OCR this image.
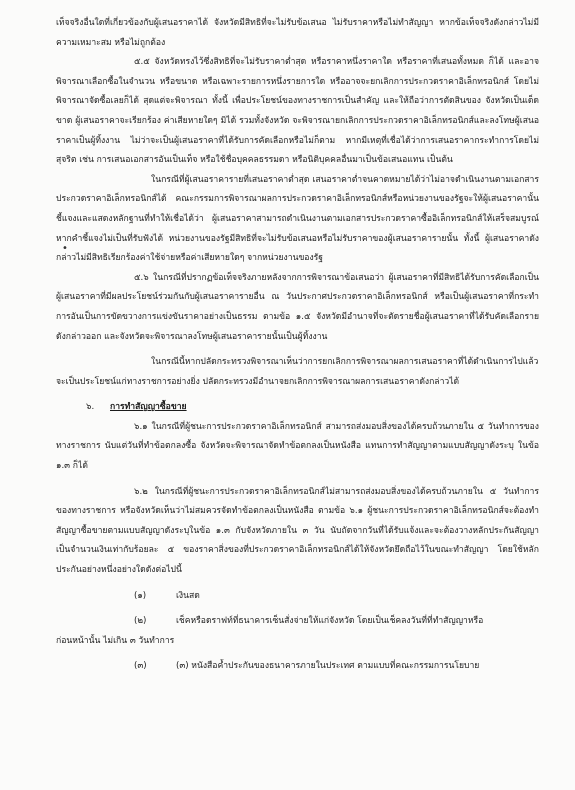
เท็จจริงอื่นใดที่เกี่ยวข้องกับผู้เสนอราคาได้ จังหวัดมีสิทธิที่จะไม่รับข้อเสนอ ไม่รับราคาหรือไม่ทำสัญญา หากข้อเท็จจริงดังกล่าวไม่มีความเหมาะสม หรือไม่ถูกต้อง

๕.๕ จังหวัดทรงไว้ซึ่งสิทธิที่จะไม่รับราคาต่ำสุด หรือราคาหนึ่งราคาใด หรือราคาที่เสนอทั้งหมด ก็ได้ และอาจพิจารณาเลือกซื้อในจำนวน หรือขนาด หรือเฉพาะรายการหนึ่งรายการใด หรืออาจจะยกเลิกการประกวดราคาอิเล็กทรอนิกส์ โดยไม่พิจารณาจัดซื้อเลยก็ได้ สุดแต่จะพิจารณา ทั้งนี้ เพื่อประโยชน์ของทางราชการเป็นสำคัญ และให้ถือว่าการตัดสินของ จังหวัดเป็นเด็ดขาด ผู้เสนอราคาจะเรียกร้อง ค่าเสียหายใดๆ มิได้ รวมทั้งจังหวัด จะพิจารณายกเลิกการประกวดราคาอิเล็กทรอนิกส์และลงโทษผู้เสนอราคาเป็นผู้ทิ้งงาน ไม่ว่าจะเป็นผู้เสนอราคาที่ได้รับการคัดเลือกหรือไม่ก็ตาม หากมีเหตุที่เชื่อได้ว่าการเสนอราคากระทำการโดยไม่สุจริต เช่น การเสนอเอกสารอันเป็นเท็จ หรือใช้ชื่อบุคคลธรรมดา หรือนิติบุคคลอื่นมาเป็นข้อเสนอแทน เป็นต้น

ในกรณีที่ผู้เสนอราคารายที่เสนอราคาต่ำสุด เสนอราคาต่ำจนคาดหมายได้ว่าไม่อาจดำเนินงานตามเอกสารประกวดราคาอิเล็กทรอนิกส์ได้ คณะกรรมการพิจารณาผลการประกวดราคาอิเล็กทรอนิกส์หรือหน่วยงานของรัฐจะให้ผู้เสนอราคานั้นชี้แจงและแสดงหลักฐานที่ทำให้เชื่อได้ว่า ผู้เสนอราคาสามารถดำเนินงานตามเอกสารประกวดราคาซื้ออิเล็กทรอนิกส์ให้เสร็จสมบูรณ์ หากคำชี้แจงไม่เป็นที่รับฟังได้ หน่วยงานของรัฐมีสิทธิที่จะไม่รับข้อเสนอหรือไม่รับราคาของผู้เสนอราคารายนั้น ทั้งนี้ ผู้เสนอราคาดังกล่าวไม่มีสิทธิเรียกร้องค่าใช้จ่ายหรือค่าเสียหายใดๆ จากหน่วยงานของรัฐ

๕.๖ ในกรณีที่ปรากฏข้อเท็จจริงภายหลังจากการพิจารณาข้อเสนอว่า ผู้เสนอราคาที่มีสิทธิได้รับการคัดเลือกเป็นผู้เสนอราคาที่มีผลประโยชน์ร่วมกันกับผู้เสนอราคารายอื่น ณ วันประกาศประกวดราคาอิเล็กทรอนิกส์ หรือเป็นผู้เสนอราคาที่กระทำการอันเป็นการขัดขวางการแข่งขันราคาอย่างเป็นธรรม ตามข้อ ๑.๕ จังหวัดมีอำนาจที่จะตัดรายชื่อผู้เสนอราคาที่ได้รับคัดเลือกรายดังกล่าวออก และจังหวัดจะพิจารณาลงโทษผู้เสนอราคารายนั้นเป็นผู้ทิ้งงาน

ในกรณีนี้หากปลัดกระทรวงพิจารณาเห็นว่าการยกเลิกการพิจารณาผลการเสนอราคาที่ได้ดำเนินการไปแล้วจะเป็นประโยชน์แก่ทางราชการอย่างยิ่ง ปลัดกระทรวงมีอำนาจยกเลิกการพิจารณาผลการเสนอราคาดังกล่าวได้

๖. การทำสัญญาซื้อขาย

๖.๑ ในกรณีที่ผู้ชนะการประกวดราคาอิเล็กทรอนิกส์ สามารถส่งมอบสิ่งของได้ครบถ้วนภายใน ๕ วันทำการของทางราชการ นับแต่วันที่ทำข้อตกลงซื้อ จังหวัดจะพิจารณาจัดทำข้อตกลงเป็นหนังสือ แทนการทำสัญญาตามแบบสัญญาดังระบุ ในข้อ ๑.๓ ก็ได้

๖.๒ ในกรณีที่ผู้ชนะการประกวดราคาอิเล็กทรอนิกส์ไม่สามารถส่งมอบสิ่งของได้ครบถ้วนภายใน ๕ วันทำการของทางราชการ หรือจังหวัดเห็นว่าไม่สมควรจัดทำข้อตกลงเป็นหนังสือ ตามข้อ ๖.๑ ผู้ชนะการประกวดราคาอิเล็กทรอนิกส์จะต้องทำสัญญาซื้อขายตามแบบสัญญาดังระบุในข้อ ๑.๓ กับจังหวัดภายใน ๓ วัน นับถัดจากวันที่ได้รับแจ้งและจะต้องวางหลักประกันสัญญาเป็นจำนวนเงินเท่ากับร้อยละ ๕ ของราคาสิ่งของที่ประกวดราคาอิเล็กทรอนิกส์ได้ให้จังหวัดยึดถือไว้ในขณะทำสัญญา โดยใช้หลักประกันอย่างหนึ่งอย่างใดดังต่อไปนี้

(๑)	เงินสด

(๒)	เช็คหรือดราฟท์ที่ธนาคารเซ็นสั่งจ่ายให้แก่จังหวัด โดยเป็นเช็คลงวันที่ที่ทำสัญญาหรือ

ก่อนหน้านั้น ไม่เกิน ๓ วันทำการ

(๓)	(๓) หนังสือค้ำประกันของธนาคารภายในประเทศ ตามแบบที่คณะกรรมการนโยบาย

•
